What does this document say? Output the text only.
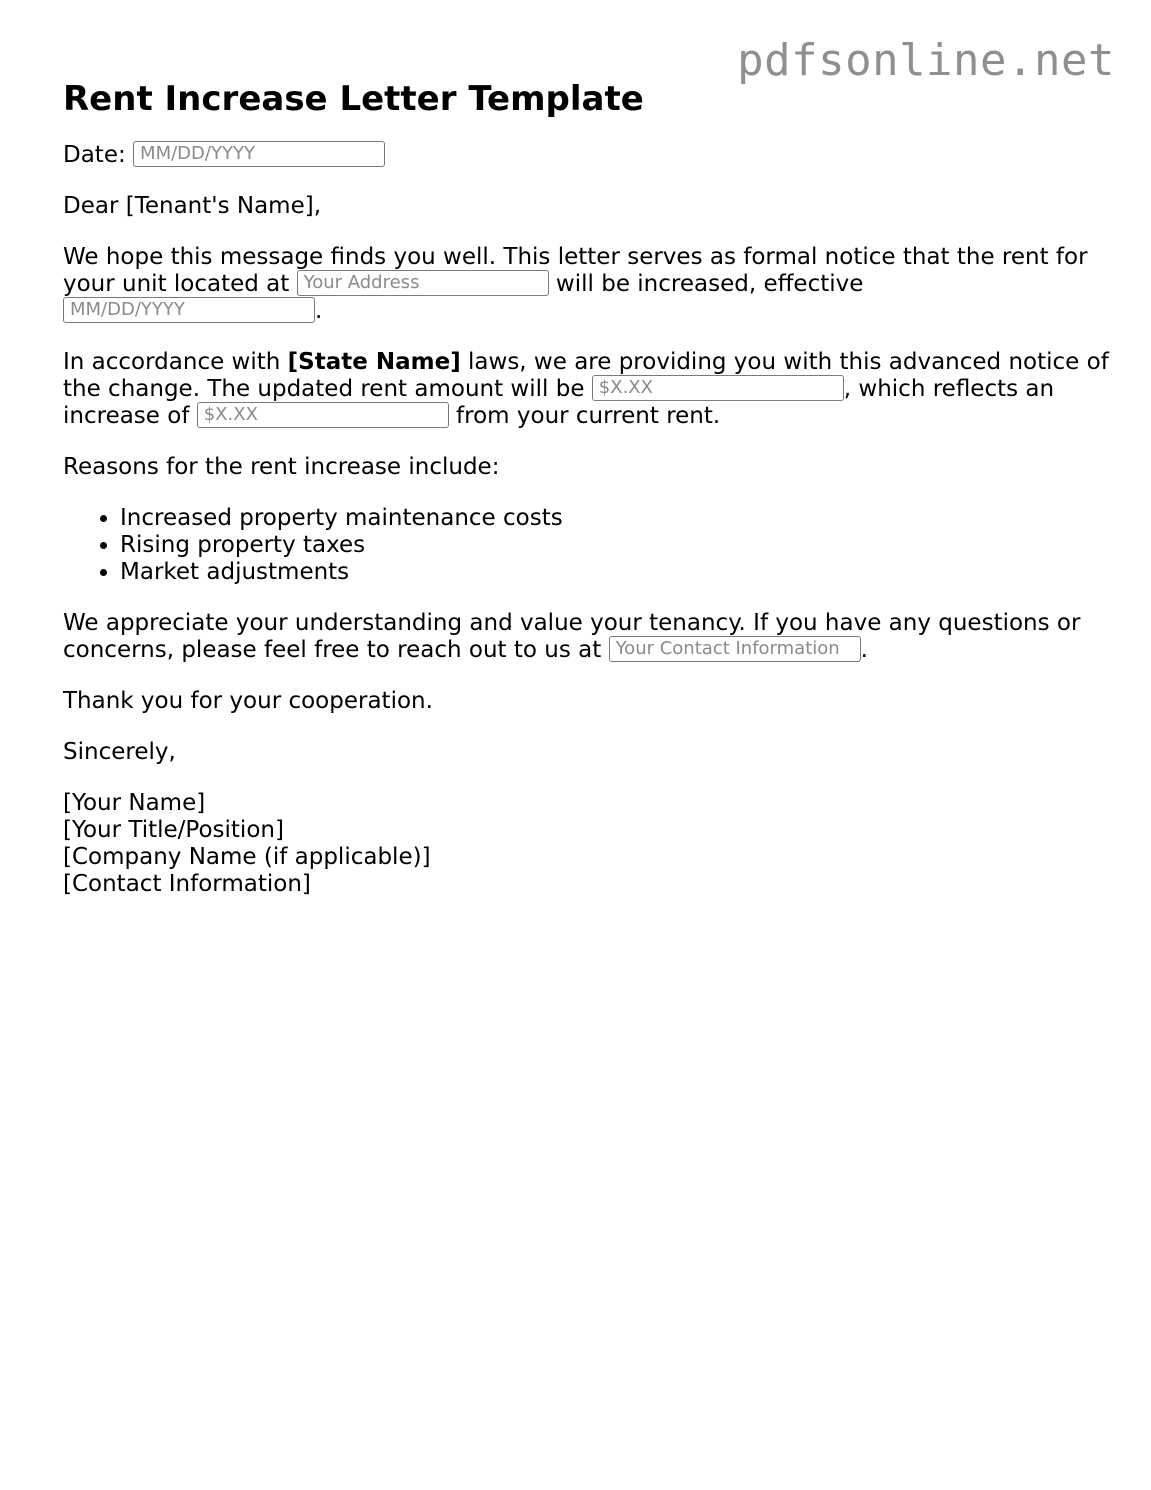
pdfsonline.net
Rent Increase Letter Template

Date: MM/DD/YYYY

Dear [Tenant's Name],

We hope this message finds you well. This letter serves as formal notice that the rent for your unit located at Your Address	will be increased, effective MM/DD/YYYY	.

In accordance with [State Name] laws, we are providing you with this advanced notice of the change. The updated rent amount will be $X.XX	, which reflects an increase of $X.XX	from your current rent.

Reasons for the rent increase include:

• Increased property maintenance costs
• Rising property taxes
• Market adjustments

We appreciate your understanding and value your tenancy. If you have any questions or concerns, please feel free to reach out to us at Your Contact Information .

Thank you for your cooperation.

Sincerely,

[Your Name]
[Your Title/Position]
[Company Name (if applicable)]
[Contact Information]
